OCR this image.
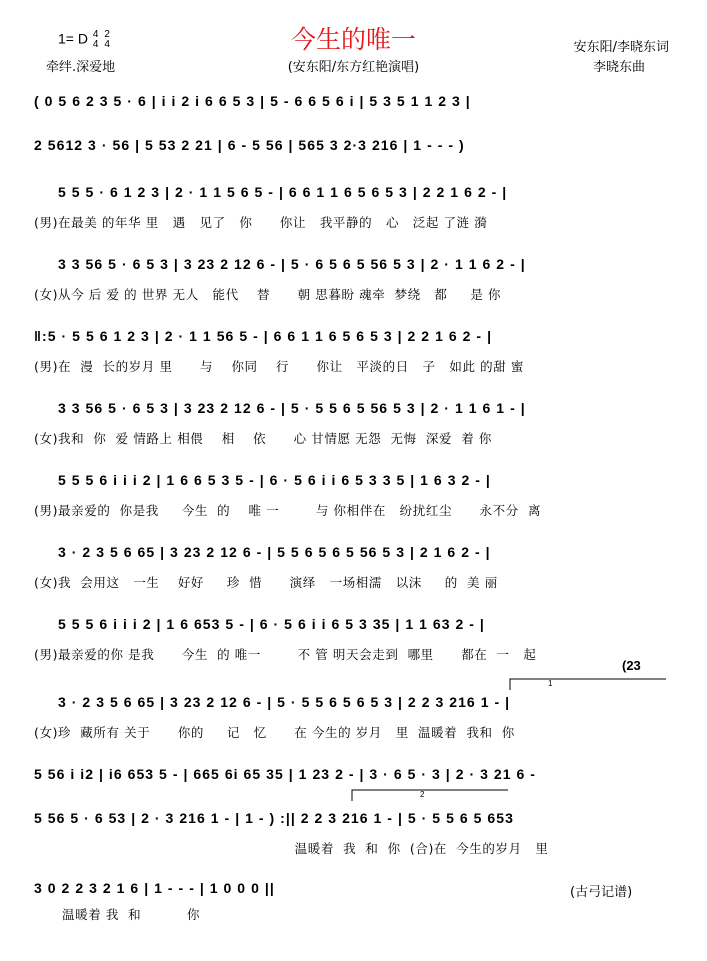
今生的唯一
1= D 4
4

2
4
牵绊.深爱地	(安东阳/东方红艳演唱)
安东阳/李晓东词
李晓东曲
( 0 5 6 2 3 5 · 6 | i i 2 i 6 6 5 3 | 5 - 6 6 5 6 i | 5 3 5 1 1 2 3 |
2 5612 3 · 56 | 5 53 2 21 | 6 - 5 56 | 565 3 2·3 216 | 1 - - - )
5 5 5 · 6 1 2 3 | 2 · 1 1 5 6 5 - | 6 6 1 1 6 5 6 5 3 | 2 2 1 6 2 - |
(男)在最美 的年华 里   遇   见了   你      你让   我平静的   心   泛起 了涟 漪
3 3 56 5 · 6 5 3 | 3 23 2 12 6 - | 5 · 6 5 6 5 56 5 3 | 2 · 1 1 6 2 - |
(女)从今 后 爱 的 世界 无人   能代    替      朝 思暮盼 魂牵  梦绕   都     是 你
‖:5 · 5 5 6 1 2 3 | 2 · 1 1 56 5 - | 6 6 1 1 6 5 6 5 3 | 2 2 1 6 2 - |
(男)在  漫  长的岁月 里      与    你同    行      你让   平淡的日   子   如此 的甜 蜜
3 3 56 5 · 6 5 3 | 3 23 2 12 6 - | 5 · 5 5 6 5 56 5 3 | 2 · 1 1 6 1 - |
(女)我和  你  爱 情路上 相偎    相    依      心 甘情愿 无怨  无悔  深爱  着 你
5 5 5 6 i i i 2 | 1 6 6 5 3 5 - | 6 · 5 6 i i 6 5 3 3 5 | 1 6 3 2 - |
(男)最亲爱的  你是我     今生  的    唯 一        与 你相伴在   纷扰红尘      永不分  离
3 · 2 3 5 6 65 | 3 23 2 12 6 - | 5 5 6 5 6 5 56 5 3 | 2 1 6 2 - |
(女)我  会用这   一生    好好     珍  惜      演绎   一场相濡   以沫     的  美 丽
5 5 5 6 i i i 2 | 1 6 653 5 - | 6 · 5 6 i i 6 5 3 35 | 1 1 63 2 - |
(男)最亲爱的你 是我      今生  的 唯一        不 管 明天会走到  哪里      都在  一   起
(23
1
3 · 2 3 5 6 65 | 3 23 2 12 6 - | 5 · 5 5 6 5 6 5 3 | 2 2 3 216 1 - |
(女)珍  藏所有 关于      你的     记   忆      在 今生的 岁月   里  温暖着  我和  你
5 56 i i2 | i6 653 5 - | 665 6i 65 35 | 1 23 2 - | 3 · 6 5 · 3 | 2 · 3 21 6 -
2
5 56 5 · 6 53 | 2 · 3 216 1 - | 1 - ) :|| 2 2 3 216 1 - | 5 · 5 5 6 5 653
温暖着  我  和  你  (合)在  今生的岁月   里
3 0 2 2 3 2 1 6 | 1 - - - | 1 0 0 0 ||
温暖着 我  和          你
(古弓记谱)
